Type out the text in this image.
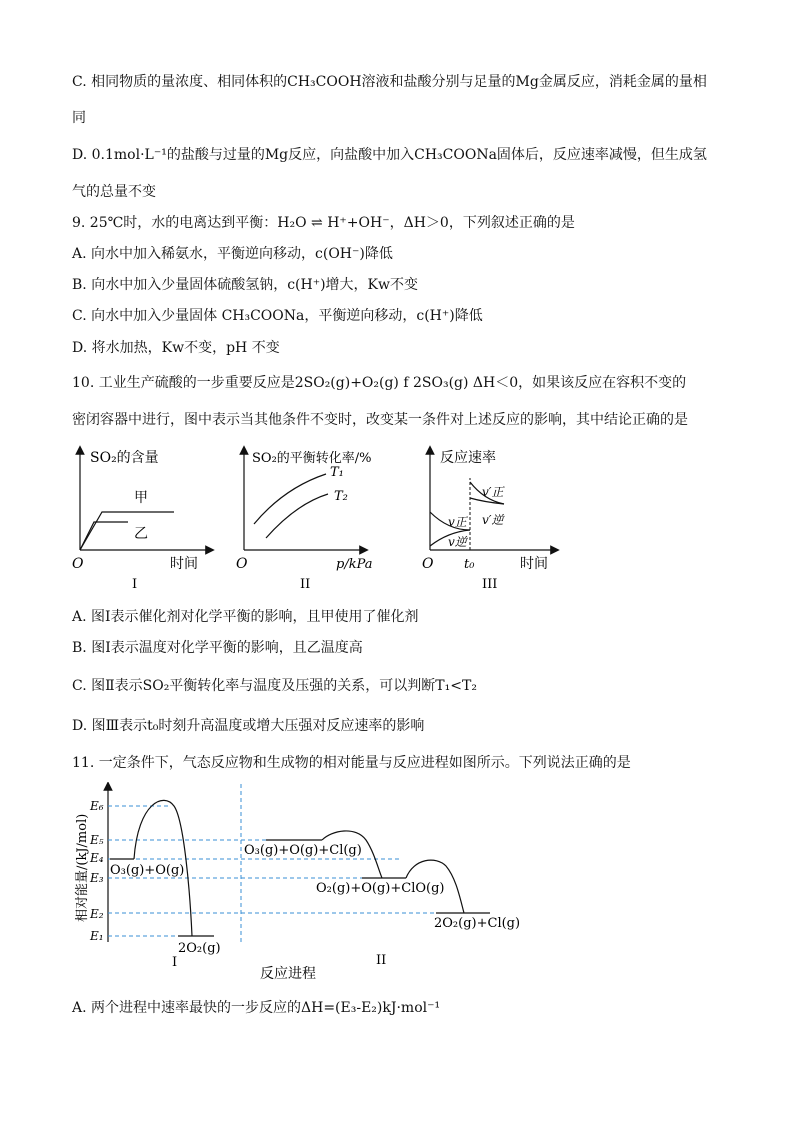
C. 相同物质的量浓度、相同体积的CH₃COOH溶液和盐酸分别与足量的Mg金属反应，消耗金属的量相
同
D. 0.1mol·L⁻¹的盐酸与过量的Mg反应，向盐酸中加入CH₃COONa固体后，反应速率减慢，但生成氢
气的总量不变
9. 25℃时，水的电离达到平衡：H₂O ⇌ H⁺+OH⁻，ΔH＞0，下列叙述正确的是
A. 向水中加入稀氨水，平衡逆向移动，c(OH⁻)降低
B. 向水中加入少量固体硫酸氢钠，c(H⁺)增大，Kw不变
C. 向水中加入少量固体 CH₃COONa，平衡逆向移动，c(H⁺)降低
D. 将水加热，Kw不变，pH 不变
10. 工业生产硫酸的一步重要反应是2SO₂(g)+O₂(g) f 2SO₃(g) ΔH＜0，如果该反应在容积不变的
密闭容器中进行，图中表示当其他条件不变时，改变某一条件对上述反应的影响，其中结论正确的是
SO₂的含量
甲
乙
O	时间
I
SO₂的平衡转化率/%
T₁
T₂
O	p/kPa
II
反应速率
v正
v逆
v′正
v′逆
O t₀	时间
III
A. 图Ⅰ表示催化剂对化学平衡的影响，且甲使用了催化剂
B. 图Ⅰ表示温度对化学平衡的影响，且乙温度高
C. 图Ⅱ表示SO₂平衡转化率与温度及压强的关系，可以判断T₁<T₂
D. 图Ⅲ表示t₀时刻升高温度或增大压强对反应速率的影响
11. 一定条件下，气态反应物和生成物的相对能量与反应进程如图所示。下列说法正确的是
相对能量/(kJ/mol)
E₆
E₅
E₄
E₃
E₂
E₁
O₃(g)+O(g)
2O₂(g)
O₃(g)+O(g)+Cl(g)
O₂(g)+O(g)+ClO(g)
2O₂(g)+Cl(g)
I	II
反应进程
A. 两个进程中速率最快的一步反应的ΔH=(E₃-E₂)kJ·mol⁻¹
